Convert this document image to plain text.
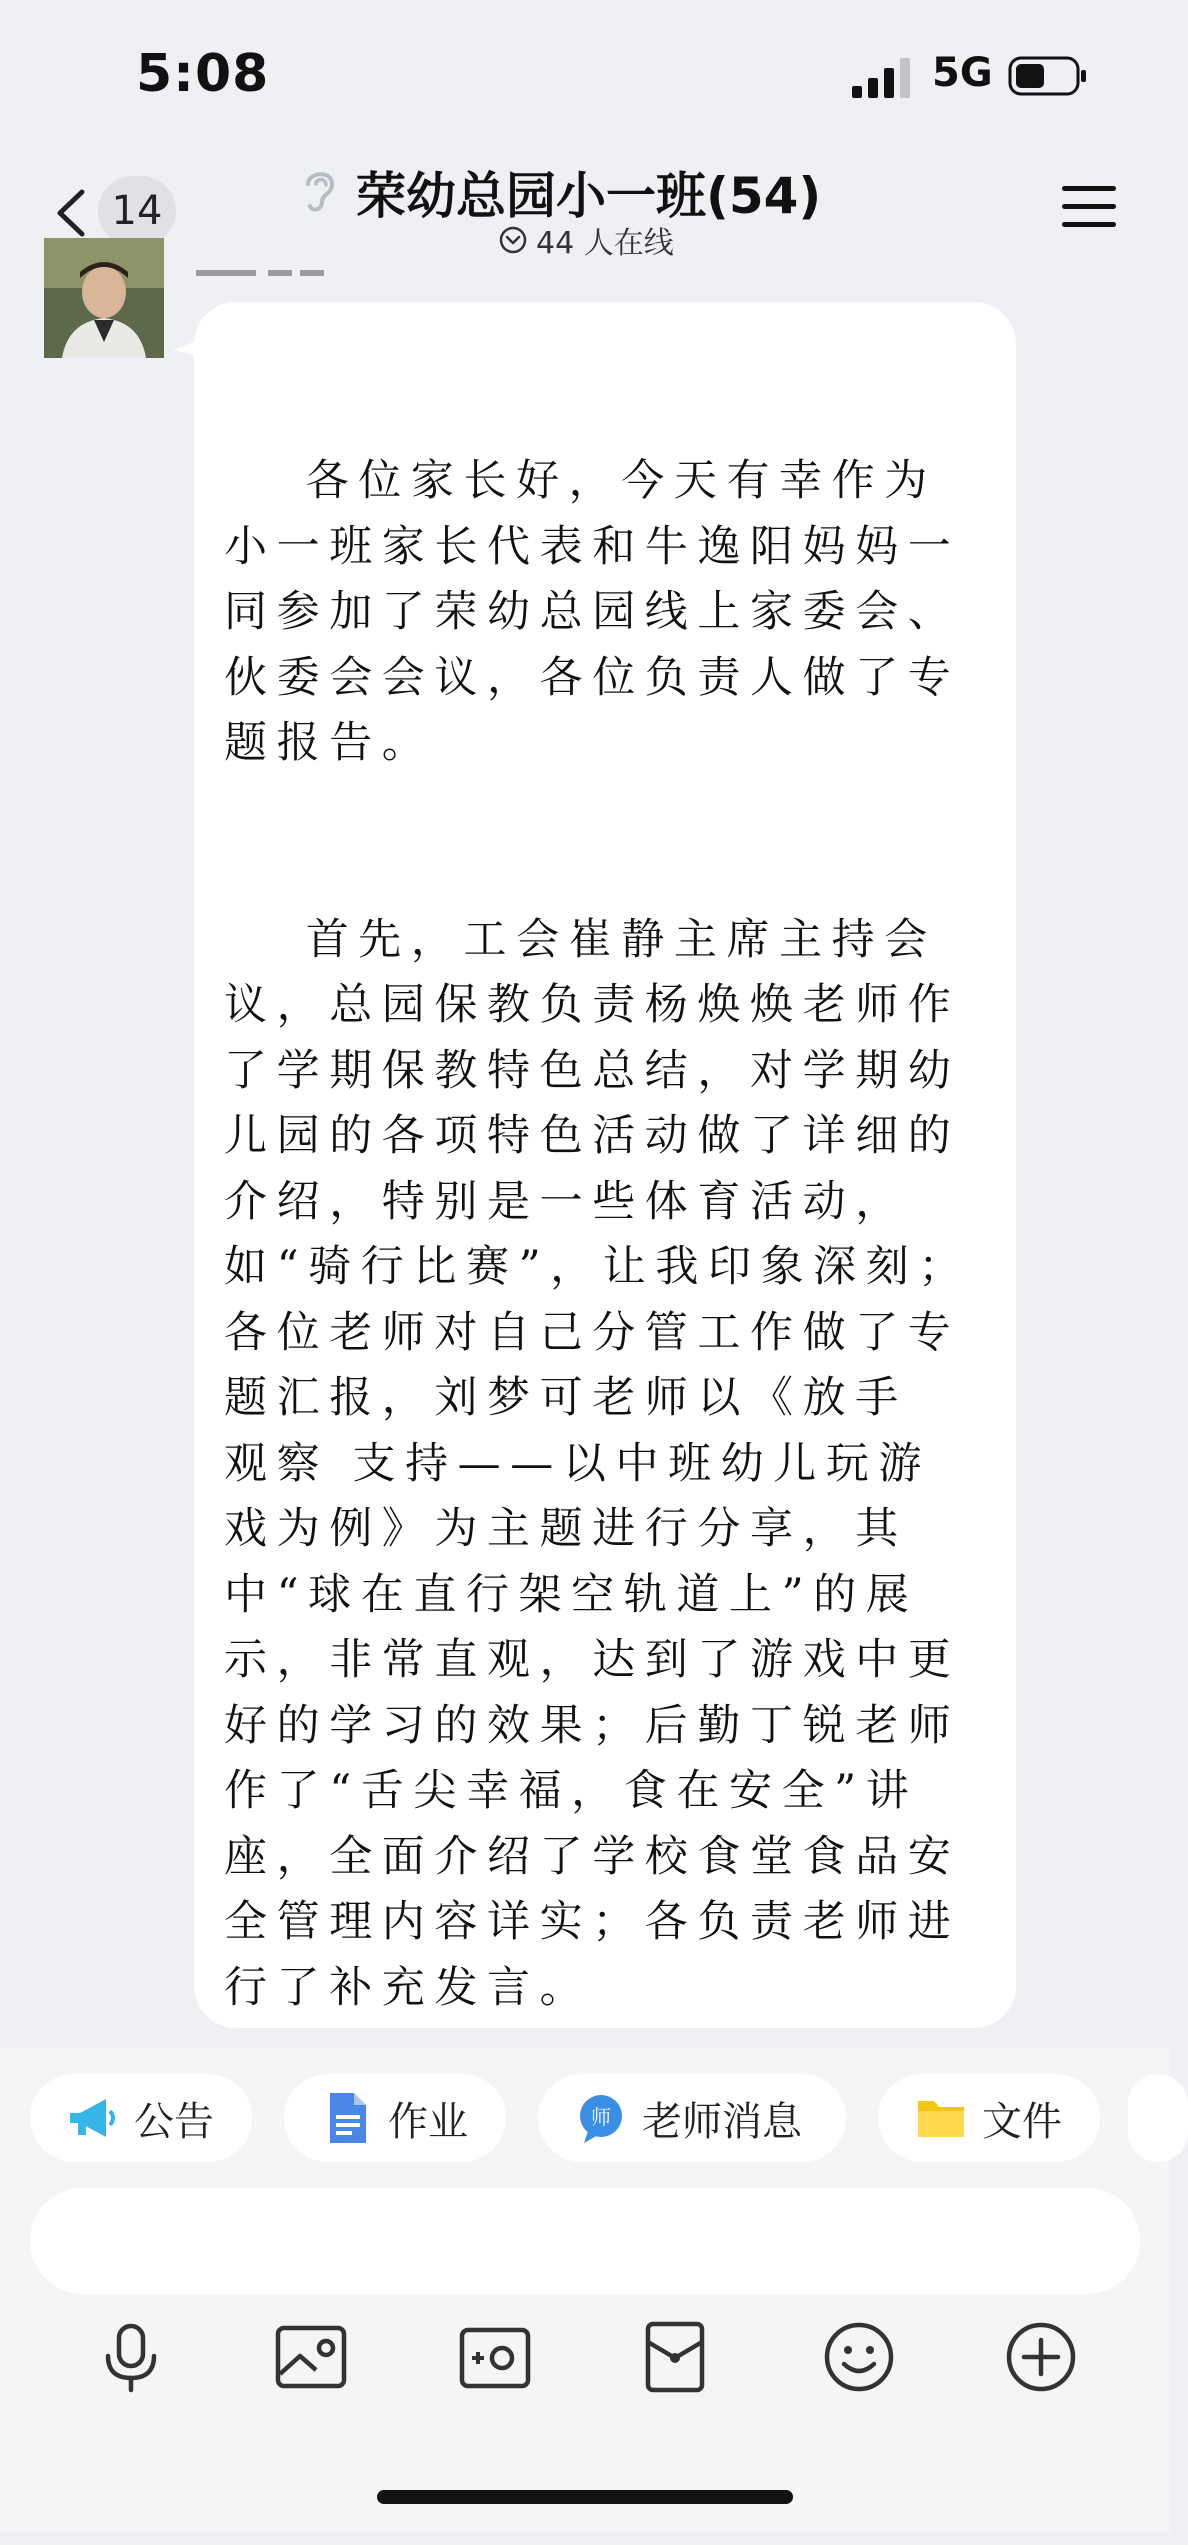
5:08	5G
14	荣幼总园小一班(54)
44 人在线

各位家长好，今天有幸作为小一班家长代表和牛逸阳妈妈一同参加了荣幼总园线上家委会、伙委会会议，各位负责人做了专题报告。

首先，工会崔静主席主持会议，总园保教负责杨焕焕老师作了学期保教特色总结，对学期幼儿园的各项特色活动做了详细的介绍，特别是一些体育活动，如“骑行比赛”，让我印象深刻；各位老师对自己分管工作做了专题汇报，刘梦可老师以《放手 观察 支持——以中班幼儿玩游戏为例》为主题进行分享，其中“球在直行架空轨道上”的展示，非常直观，达到了游戏中更好的学习的效果；后勤丁锐老师作了“舌尖幸福，食在安全”讲座，全面介绍了学校食堂食品安全管理内容详实；各负责老师进行了补充发言。

公告	作业	师 老师消息	文件
